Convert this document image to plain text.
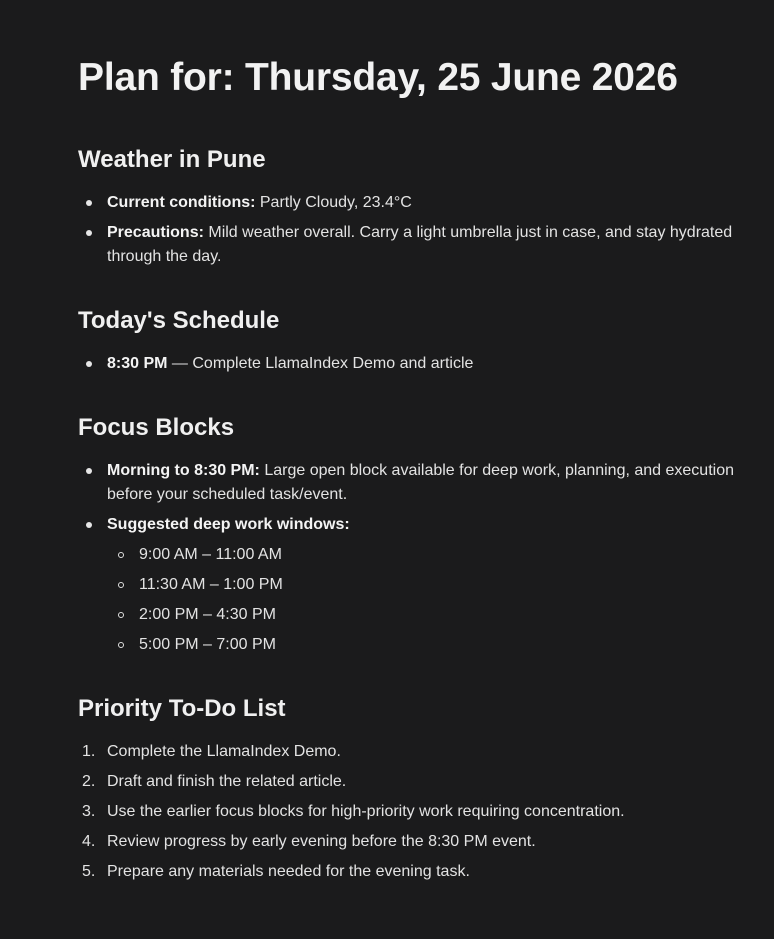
Plan for: Thursday, 25 June 2026
Weather in Pune
Current conditions: Partly Cloudy, 23.4°C
Precautions: Mild weather overall. Carry a light umbrella just in case, and stay hydrated through the day.
Today's Schedule
8:30 PM — Complete LlamaIndex Demo and article
Focus Blocks
Morning to 8:30 PM: Large open block available for deep work, planning, and execution before your scheduled task/event.
Suggested deep work windows:
9:00 AM – 11:00 AM
11:30 AM – 1:00 PM
2:00 PM – 4:30 PM
5:00 PM – 7:00 PM
Priority To-Do List
1. Complete the LlamaIndex Demo.
2. Draft and finish the related article.
3. Use the earlier focus blocks for high-priority work requiring concentration.
4. Review progress by early evening before the 8:30 PM event.
5. Prepare any materials needed for the evening task.
